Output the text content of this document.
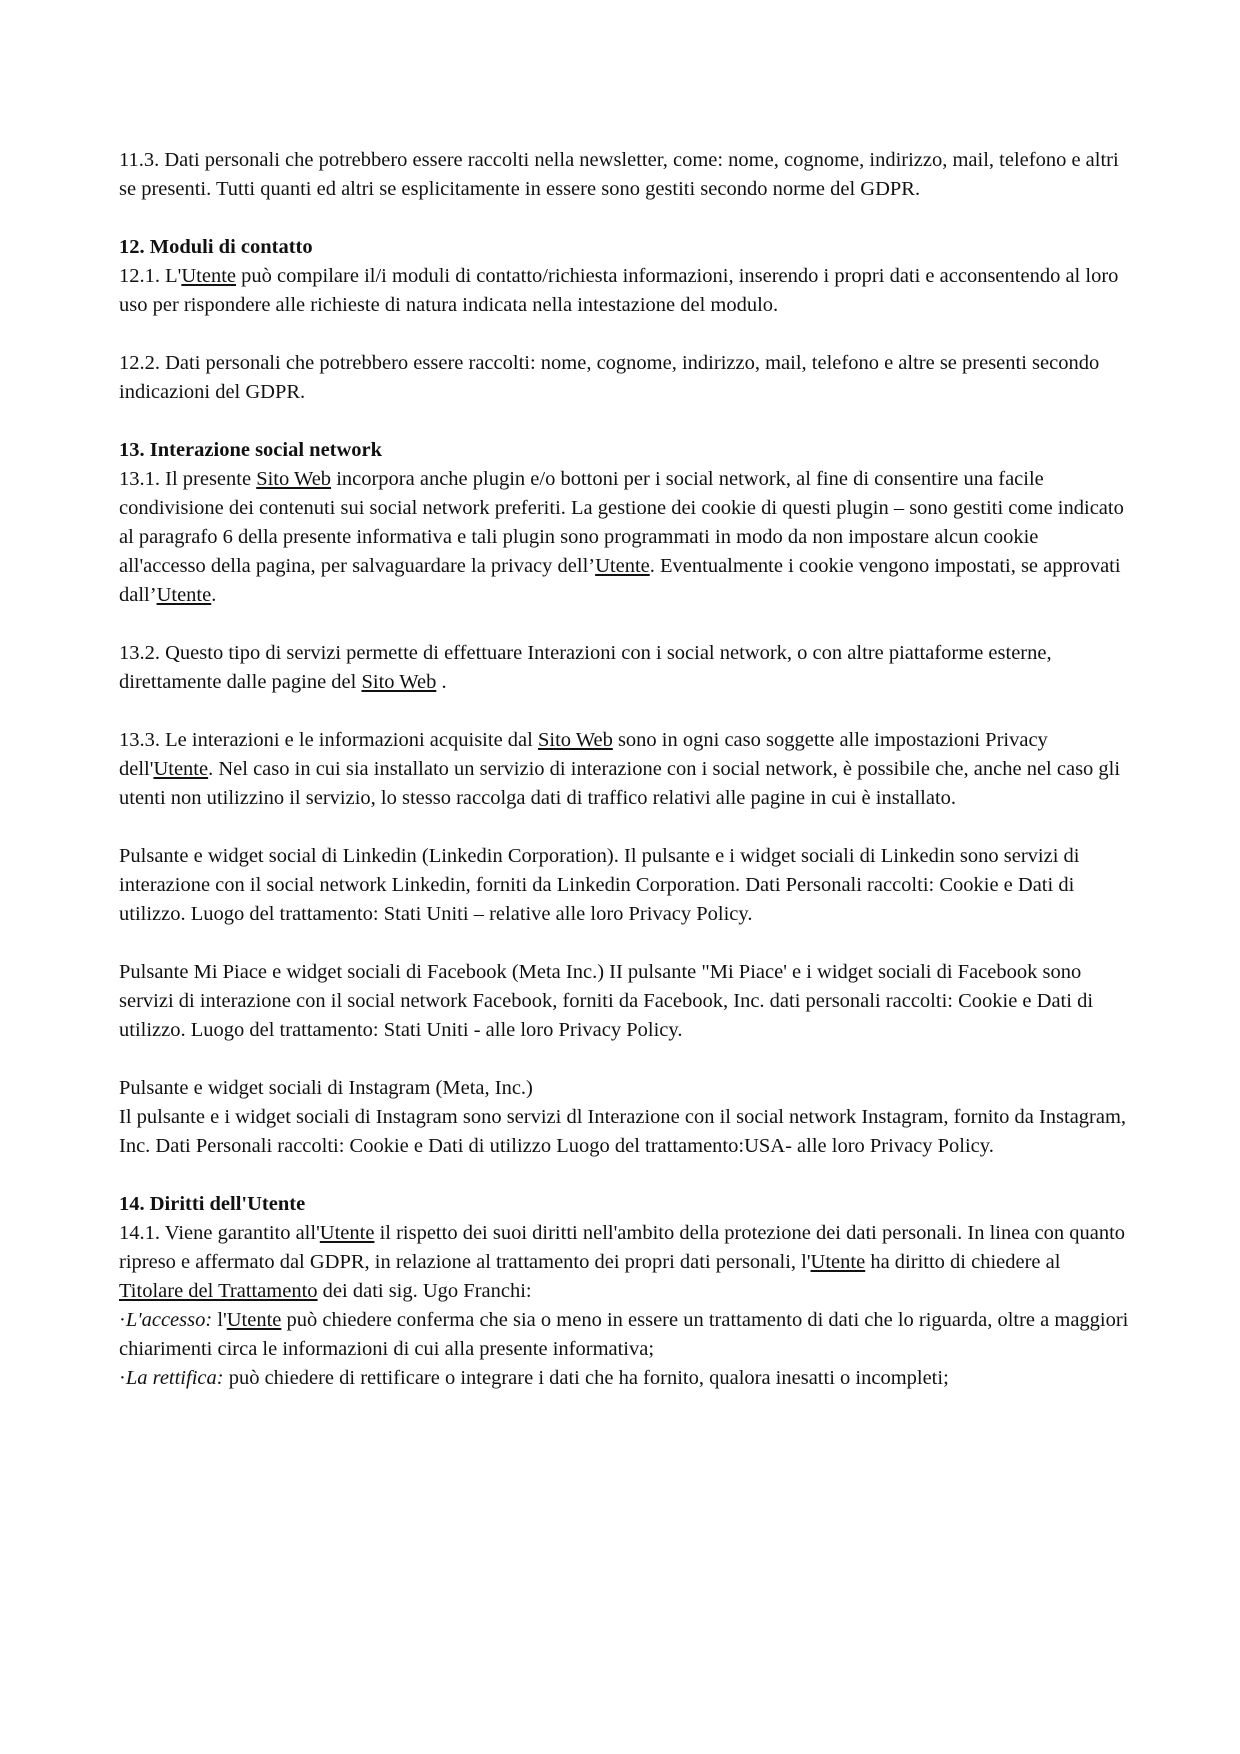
11.3. Dati personali che potrebbero essere raccolti nella newsletter, come: nome, cognome, indirizzo, mail, telefono e altri se presenti. Tutti quanti ed altri se esplicitamente in essere sono gestiti secondo norme del GDPR.

12. Moduli di contatto

12.1. L'Utente può compilare il/i moduli di contatto/richiesta informazioni, inserendo i propri dati e acconsentendo al loro uso per rispondere alle richieste di natura indicata nella intestazione del modulo.

12.2. Dati personali che potrebbero essere raccolti: nome, cognome, indirizzo, mail, telefono e altre se presenti secondo indicazioni del GDPR.

13. Interazione social network

13.1. Il presente Sito Web incorpora anche plugin e/o bottoni per i social network, al fine di consentire una facile condivisione dei contenuti sui social network preferiti. La gestione dei cookie di questi plugin – sono gestiti come indicato al paragrafo 6 della presente informativa e tali plugin sono programmati in modo da non impostare alcun cookie all'accesso della pagina, per salvaguardare la privacy dell’Utente. Eventualmente i cookie vengono impostati, se approvati dall’Utente.

13.2. Questo tipo di servizi permette di effettuare Interazioni con i social network, o con altre piattaforme esterne, direttamente dalle pagine del Sito Web .

13.3. Le interazioni e le informazioni acquisite dal Sito Web sono in ogni caso soggette alle impostazioni Privacy dell'Utente. Nel caso in cui sia installato un servizio di interazione con i social network, è possibile che, anche nel caso gli utenti non utilizzino il servizio, lo stesso raccolga dati di traffico relativi alle pagine in cui è installato.

Pulsante e widget social di Linkedin (Linkedin Corporation). Il pulsante e i widget sociali di Linkedin sono servizi di interazione con il social network Linkedin, forniti da Linkedin Corporation. Dati Personali raccolti: Cookie e Dati di utilizzo. Luogo del trattamento: Stati Uniti – relative alle loro Privacy Policy.

Pulsante Mi Piace e widget sociali di Facebook (Meta Inc.) II pulsante "Mi Piace' e i widget sociali di Facebook sono servizi di interazione con il social network Facebook, forniti da Facebook, Inc. dati personali raccolti: Cookie e Dati di utilizzo. Luogo del trattamento: Stati Uniti - alle loro Privacy Policy.

Pulsante e widget sociali di Instagram (Meta, Inc.)

Il pulsante e i widget sociali di Instagram sono servizi dl Interazione con il social network Instagram, fornito da Instagram, Inc. Dati Personali raccolti: Cookie e Dati di utilizzo Luogo del trattamento:USA- alle loro Privacy Policy.

14. Diritti dell'Utente

14.1. Viene garantito all'Utente il rispetto dei suoi diritti nell'ambito della protezione dei dati personali. In linea con quanto ripreso e affermato dal GDPR, in relazione al trattamento dei propri dati personali, l'Utente ha diritto di chiedere al Titolare del Trattamento dei dati sig. Ugo Franchi:

·L'accesso: l'Utente può chiedere conferma che sia o meno in essere un trattamento di dati che lo riguarda, oltre a maggiori chiarimenti circa le informazioni di cui alla presente informativa;

·La rettifica: può chiedere di rettificare o integrare i dati che ha fornito, qualora inesatti o incompleti;
